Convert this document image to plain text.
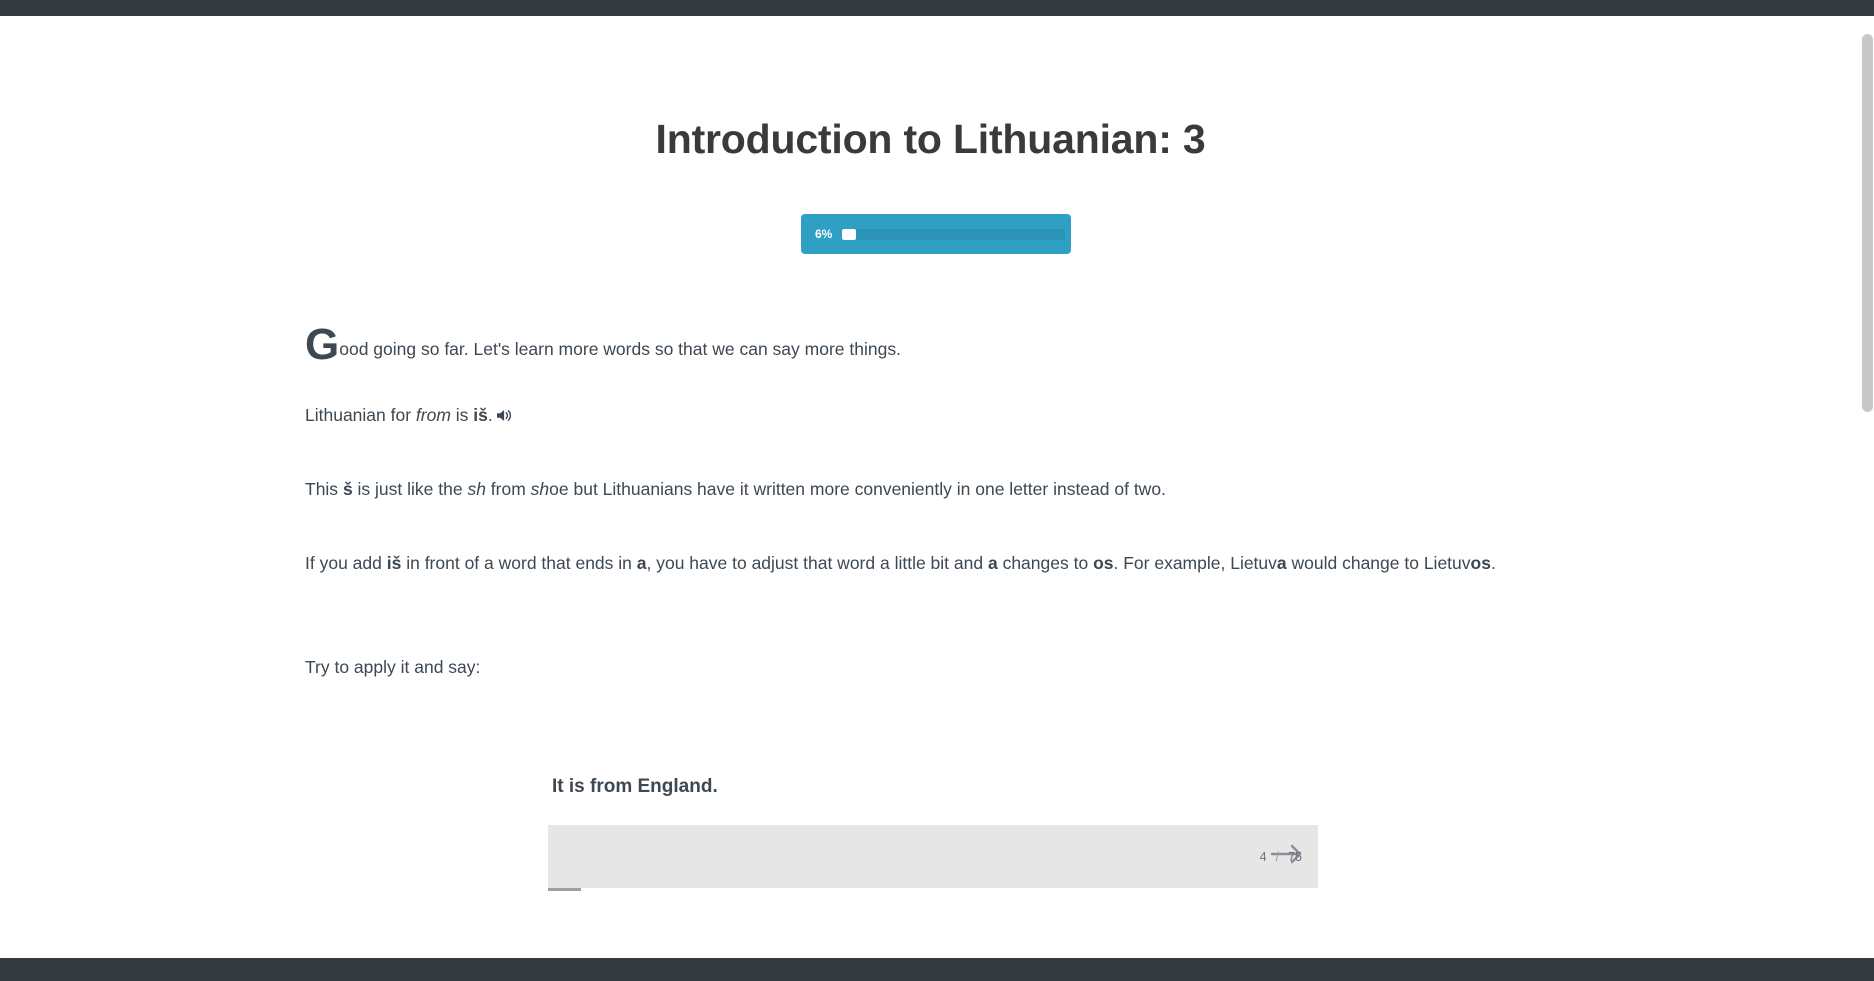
Introduction to Lithuanian: 3
6%
Good going so far. Let's learn more words so that we can say more things.
Lithuanian for from is iš.
This š is just like the sh from shoe but Lithuanians have it written more conveniently in one letter instead of two.
If you add iš in front of a word that ends in a, you have to adjust that word a little bit and a changes to os. For example, Lietuva would change to Lietuvos.
Try to apply it and say:
It is from England.
4 / 75
